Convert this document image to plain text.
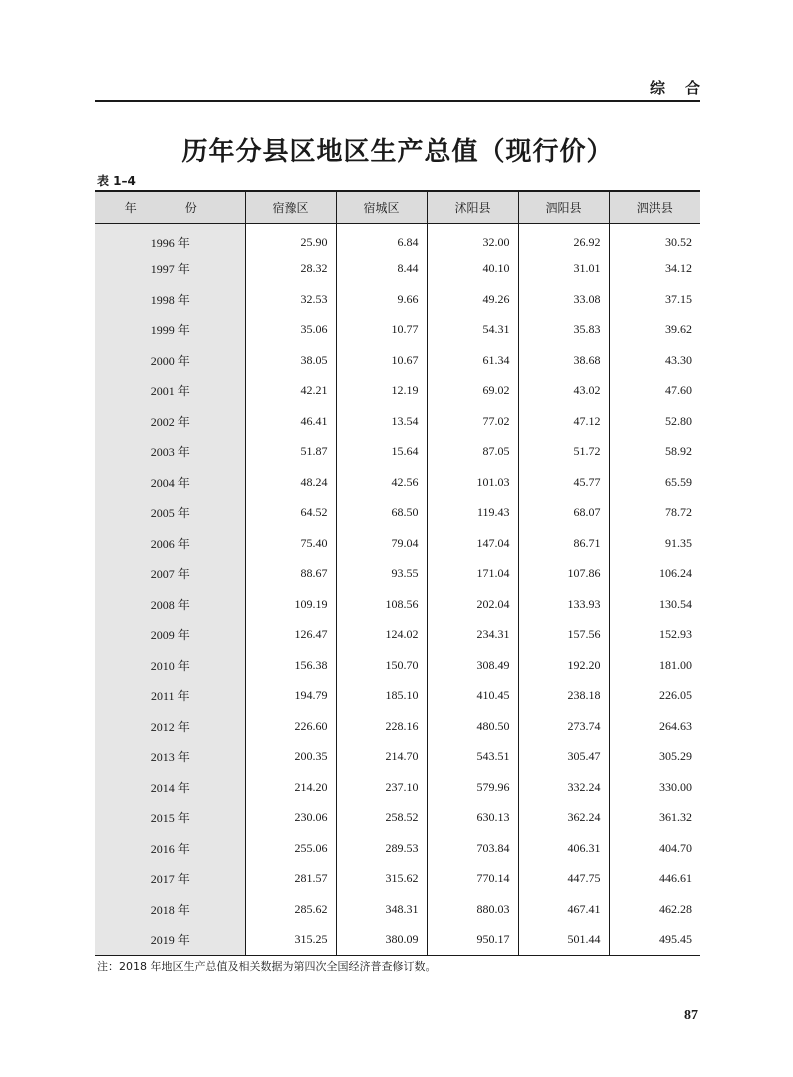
综合
历年分县区地区生产总值（现行价）
表 1–4
年　份	宿豫区	宿城区	沭阳县	泗阳县	泗洪县
1996 年	25.90	6.84	32.00	26.92	30.52
1997 年	28.32	8.44	40.10	31.01	34.12
1998 年	32.53	9.66	49.26	33.08	37.15
1999 年	35.06	10.77	54.31	35.83	39.62
2000 年	38.05	10.67	61.34	38.68	43.30
2001 年	42.21	12.19	69.02	43.02	47.60
2002 年	46.41	13.54	77.02	47.12	52.80
2003 年	51.87	15.64	87.05	51.72	58.92
2004 年	48.24	42.56	101.03	45.77	65.59
2005 年	64.52	68.50	119.43	68.07	78.72
2006 年	75.40	79.04	147.04	86.71	91.35
2007 年	88.67	93.55	171.04	107.86	106.24
2008 年	109.19	108.56	202.04	133.93	130.54
2009 年	126.47	124.02	234.31	157.56	152.93
2010 年	156.38	150.70	308.49	192.20	181.00
2011 年	194.79	185.10	410.45	238.18	226.05
2012 年	226.60	228.16	480.50	273.74	264.63
2013 年	200.35	214.70	543.51	305.47	305.29
2014 年	214.20	237.10	579.96	332.24	330.00
2015 年	230.06	258.52	630.13	362.24	361.32
2016 年	255.06	289.53	703.84	406.31	404.70
2017 年	281.57	315.62	770.14	447.75	446.61
2018 年	285.62	348.31	880.03	467.41	462.28
2019 年	315.25	380.09	950.17	501.44	495.45
注：2018 年地区生产总值及相关数据为第四次全国经济普查修订数。
87
